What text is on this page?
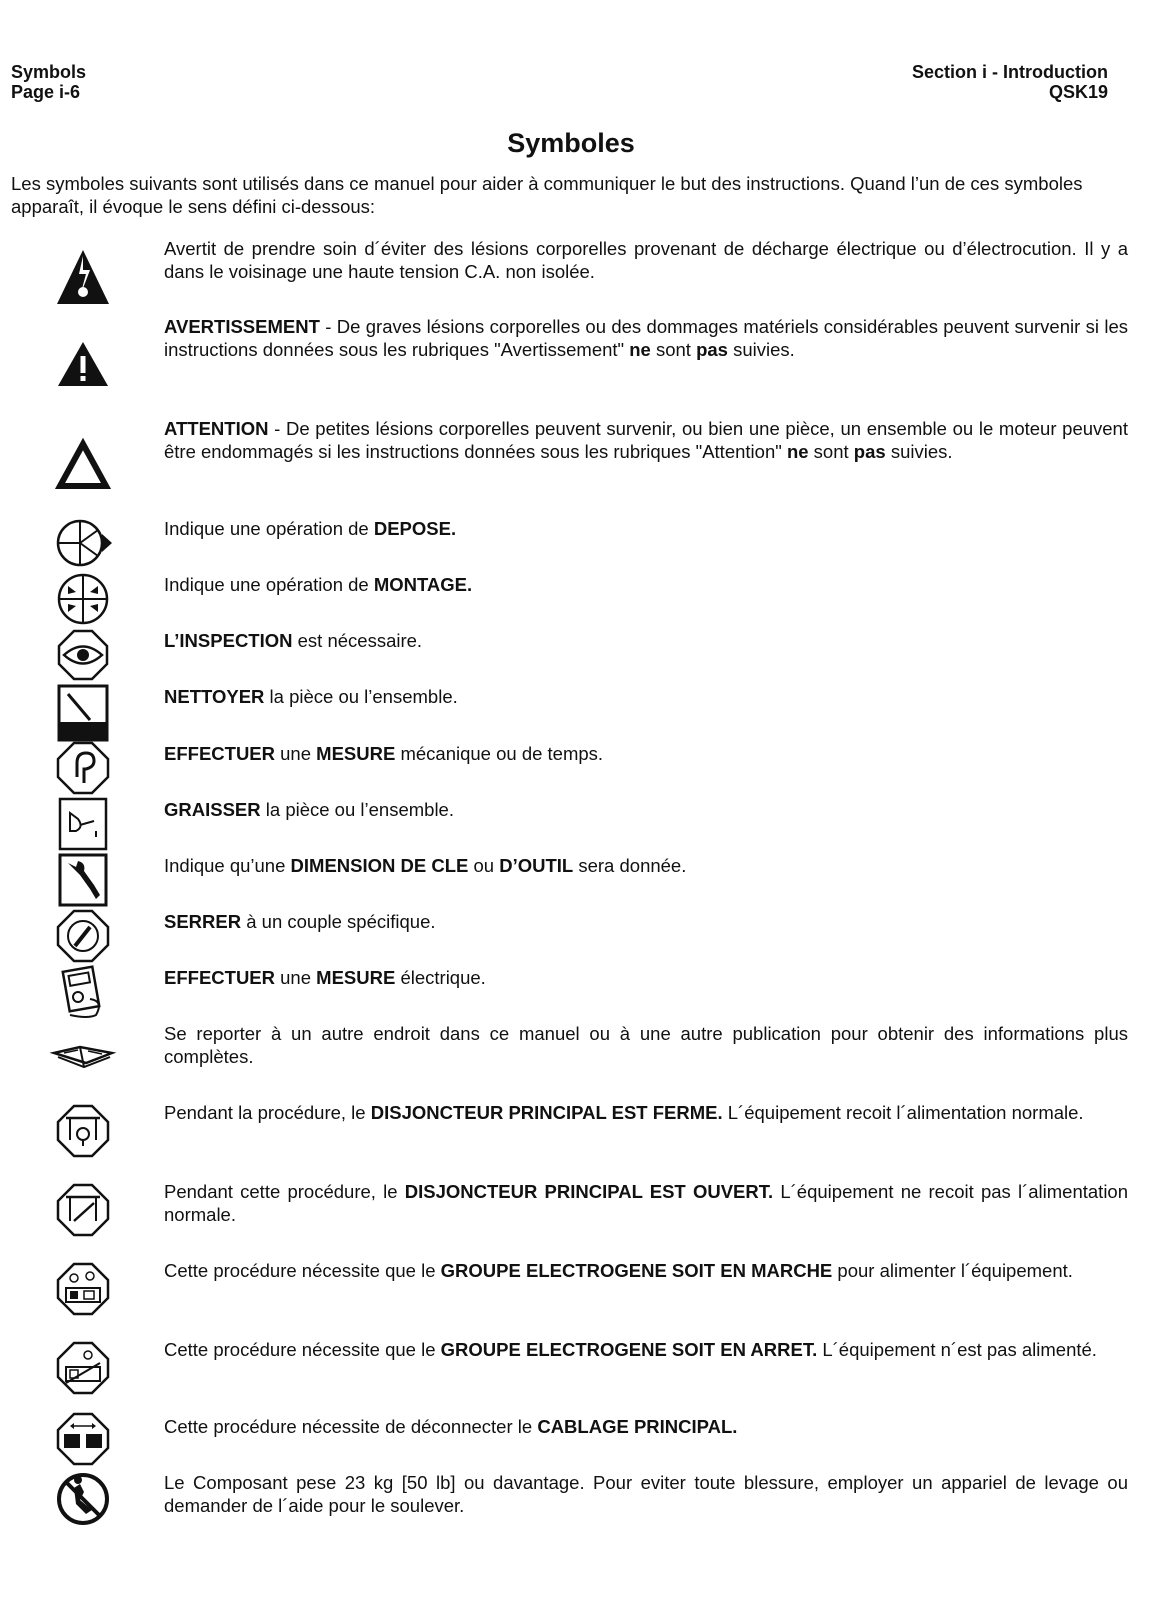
Symbols
Page i-6
Section i - Introduction
QSK19
Symboles
Les symboles suivants sont utilisés dans ce manuel pour aider à communiquer le but des instructions. Quand l’un de ces symboles apparaît, il évoque le sens défini ci-dessous:
Avertit de prendre soin d´éviter des lésions corporelles provenant de décharge électrique ou d’électrocution. Il y a dans le voisinage une haute tension C.A. non isolée.
AVERTISSEMENT - De graves lésions corporelles ou des dommages matériels considérables peuvent survenir si les instructions données sous les rubriques "Avertissement" ne sont pas suivies.
ATTENTION - De petites lésions corporelles peuvent survenir, ou bien une pièce, un ensemble ou le moteur peuvent être endommagés si les instructions données sous les rubriques "Attention" ne sont pas suivies.
Indique une opération de DEPOSE.
Indique une opération de MONTAGE.
L’INSPECTION est nécessaire.
NETTOYER la pièce ou l’ensemble.
EFFECTUER une MESURE mécanique ou de temps.
GRAISSER la pièce ou l’ensemble.
Indique qu’une DIMENSION DE CLE ou D’OUTIL sera donnée.
SERRER à un couple spécifique.
EFFECTUER une MESURE électrique.
Se reporter à un autre endroit dans ce manuel ou à une autre publication pour obtenir des informations plus complètes.
Pendant la procédure, le DISJONCTEUR PRINCIPAL EST FERME. L´équipement recoit l´alimentation normale.
Pendant cette procédure, le DISJONCTEUR PRINCIPAL EST OUVERT. L´équipement ne recoit pas l´alimentation normale.
Cette procédure nécessite que le GROUPE ELECTROGENE SOIT EN MARCHE pour alimenter l´équipement.
Cette procédure nécessite que le GROUPE ELECTROGENE SOIT EN ARRET. L´équipement n´est pas alimenté.
Cette procédure nécessite de déconnecter le CABLAGE PRINCIPAL.
Le Composant pese 23 kg [50 lb] ou davantage. Pour eviter toute blessure, employer un appariel de levage ou demander de l´aide pour le soulever.
